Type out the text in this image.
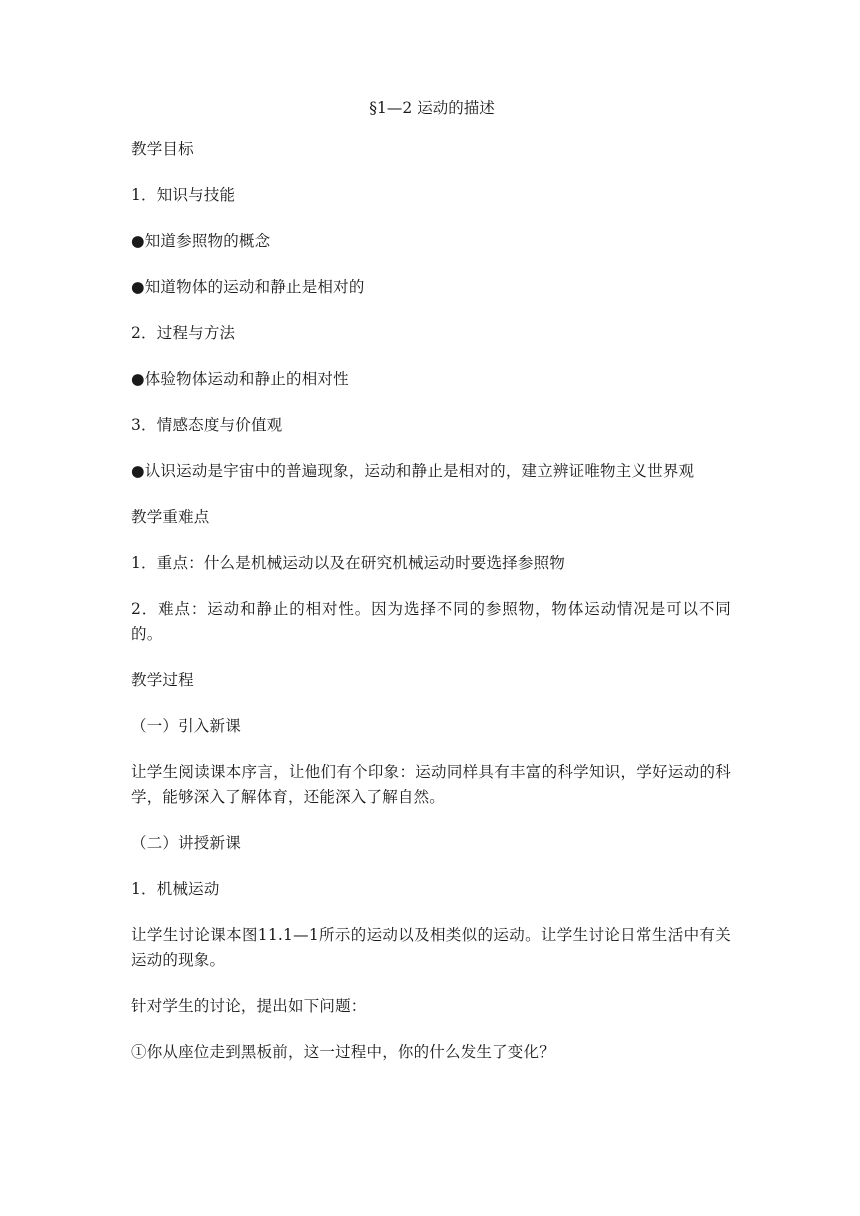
§1—2 运动的描述

教学目标

1．知识与技能

●知道参照物的概念

●知道物体的运动和静止是相对的

2．过程与方法

●体验物体运动和静止的相对性

3．情感态度与价值观

●认识运动是宇宙中的普遍现象，运动和静止是相对的，建立辨证唯物主义世界观

教学重难点

1．重点：什么是机械运动以及在研究机械运动时要选择参照物

2．难点：运动和静止的相对性。因为选择不同的参照物，物体运动情况是可以不同的。

教学过程

（一）引入新课

让学生阅读课本序言，让他们有个印象：运动同样具有丰富的科学知识，学好运动的科学，能够深入了解体育，还能深入了解自然。

（二）讲授新课

1．机械运动

让学生讨论课本图11.1—1所示的运动以及相类似的运动。让学生讨论日常生活中有关运动的现象。

针对学生的讨论，提出如下问题：

①你从座位走到黑板前，这一过程中，你的什么发生了变化？
